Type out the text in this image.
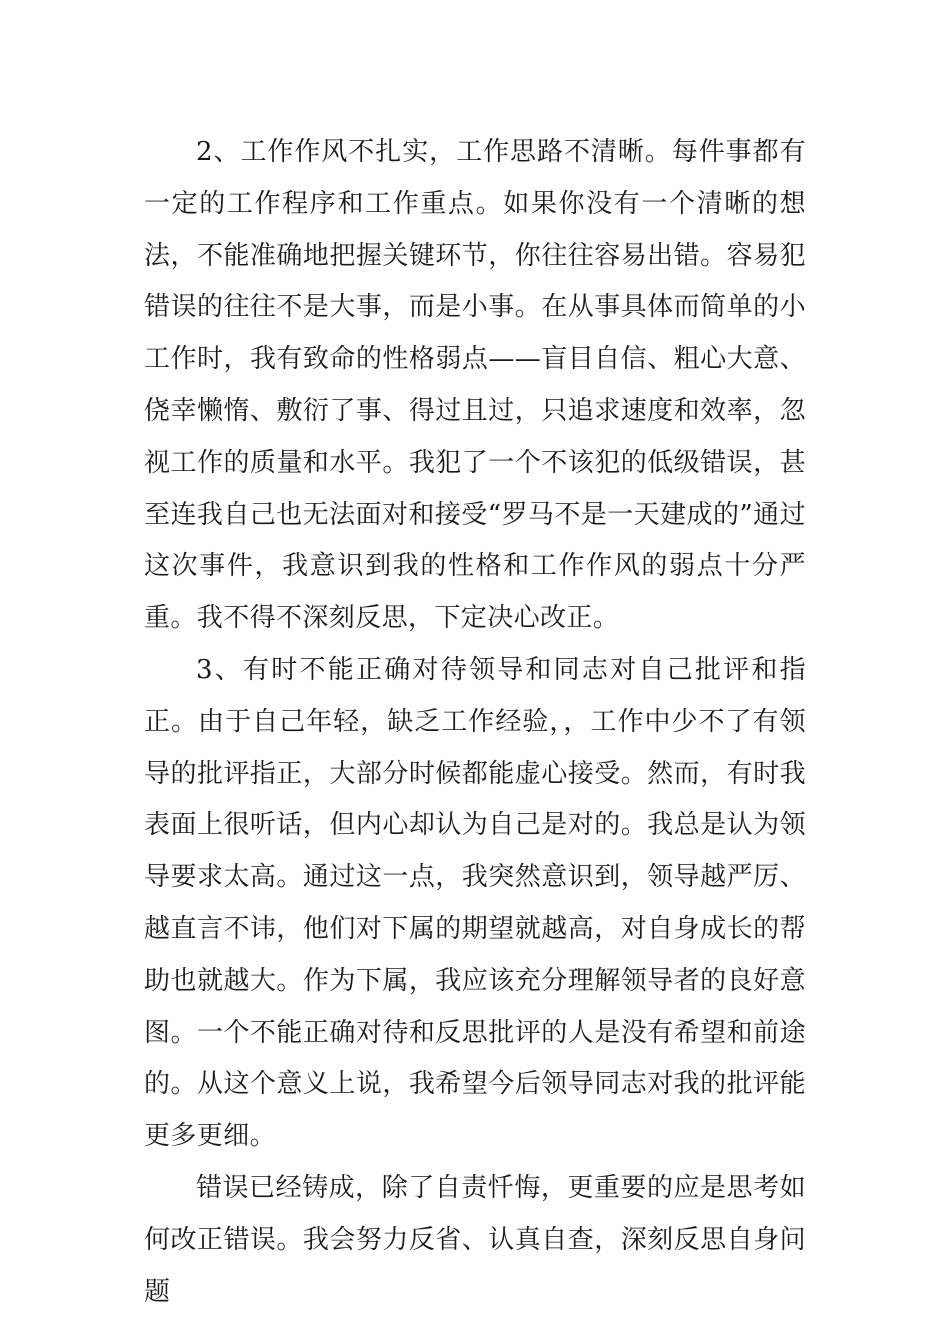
2、工作作风不扎实，工作思路不清晰。每件事都有一定的工作程序和工作重点。如果你没有一个清晰的想法，不能准确地把握关键环节，你往往容易出错。容易犯错误的往往不是大事，而是小事。在从事具体而简单的小工作时，我有致命的性格弱点——盲目自信、粗心大意、侥幸懒惰、敷衍了事、得过且过，只追求速度和效率，忽视工作的质量和水平。我犯了一个不该犯的低级错误，甚至连我自己也无法面对和接受“罗马不是一天建成的”通过这次事件，我意识到我的性格和工作作风的弱点十分严重。我不得不深刻反思，下定决心改正。

3、有时不能正确对待领导和同志对自己批评和指正。由于自己年轻，缺乏工作经验，，工作中少不了有领导的批评指正，大部分时候都能虚心接受。然而，有时我表面上很听话，但内心却认为自己是对的。我总是认为领导要求太高。通过这一点，我突然意识到，领导越严厉、越直言不讳，他们对下属的期望就越高，对自身成长的帮助也就越大。作为下属，我应该充分理解领导者的良好意图。一个不能正确对待和反思批评的人是没有希望和前途的。从这个意义上说，我希望今后领导同志对我的批评能更多更细。

错误已经铸成，除了自责忏悔，更重要的应是思考如何改正错误。我会努力反省、认真自查，深刻反思自身问题
